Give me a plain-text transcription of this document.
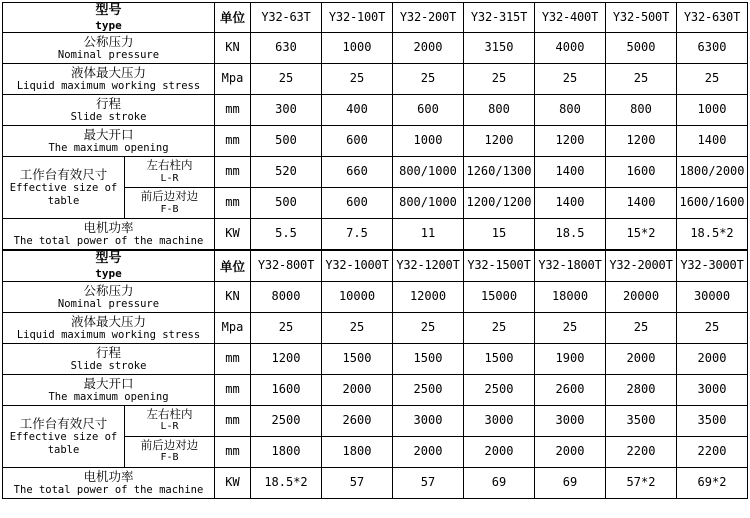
型号
type		单位	Y32-63T	Y32-100T	Y32-200T	Y32-315T	Y32-400T	Y32-500T	Y32-630T

公称压力
Nominal pressure		KN	630	1000	2000	3150	4000	5000	6300

液体最大压力
Liquid maximum working stress		Mpa	25	25	25	25	25	25	25

行程
Slide stroke		mm	300	400	600	800	800	800	1000

最大开口
The maximum opening		mm	500	600	1000	1200	1200	1200	1400

工作台有效尺寸
Effective size of table	左右柱内
L-R	mm	520	660	800/1000	1260/1300	1400	1600	1800/2000

	前后边对边
F-B	mm	500	600	800/1000	1200/1200	1400	1400	1600/1600

电机功率
The total power of the machine		KW	5.5	7.5	11	15	18.5	15*2	18.5*2
型号
type		单位	Y32-800T	Y32-1000T	Y32-1200T	Y32-1500T	Y32-1800T	Y32-2000T	Y32-3000T

公称压力
Nominal pressure		KN	8000	10000	12000	15000	18000	20000	30000

液体最大压力
Liquid maximum working stress		Mpa	25	25	25	25	25	25	25

行程
Slide stroke		mm	1200	1500	1500	1500	1900	2000	2000

最大开口
The maximum opening		mm	1600	2000	2500	2500	2600	2800	3000

工作台有效尺寸
Effective size of table	左右柱内
L-R	mm	2500	2600	3000	3000	3000	3500	3500

	前后边对边
F-B	mm	1800	1800	2000	2000	2000	2200	2200

电机功率
The total power of the machine		KW	18.5*2	57	57	69	69	57*2	69*2
